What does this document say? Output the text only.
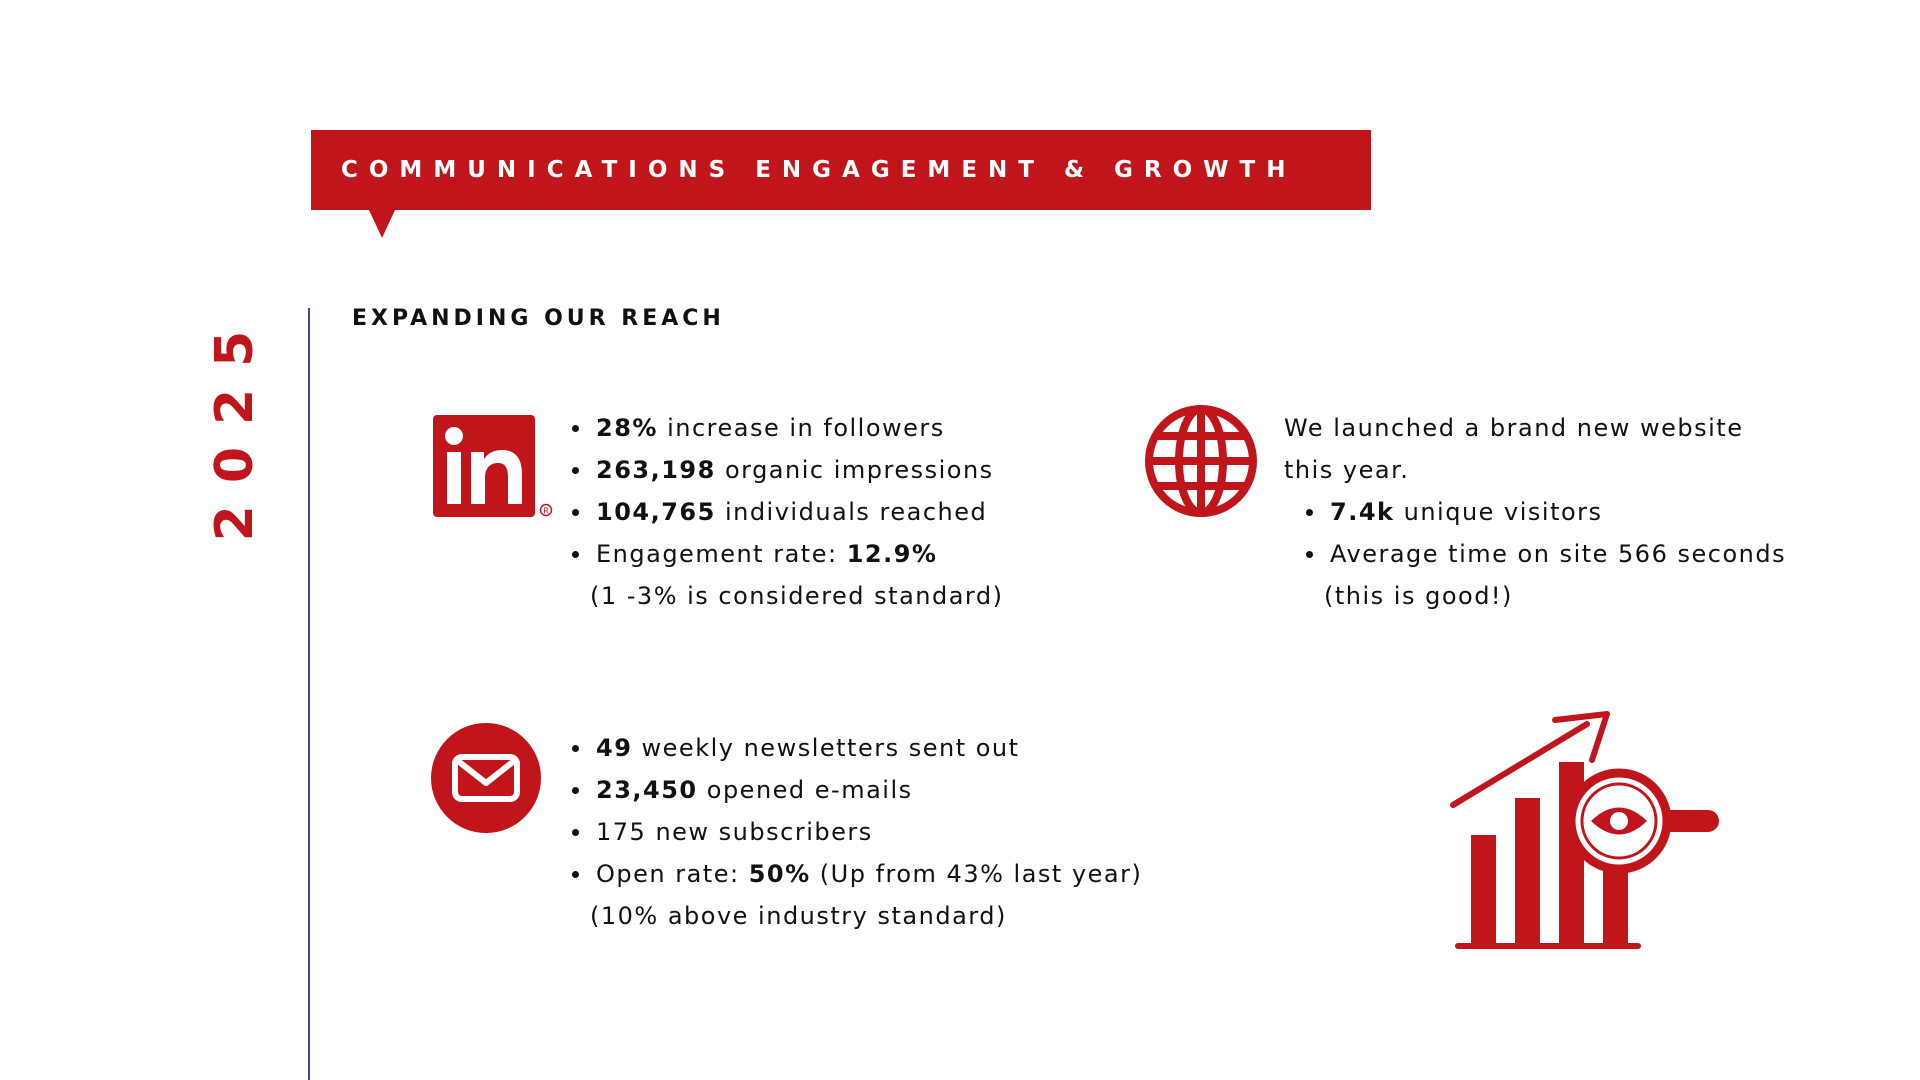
COMMUNICATIONS ENGAGEMENT & GROWTH
2025	EXPANDING OUR REACH
R
28% increase in followers
263,198 organic impressions
104,765 individuals reached
Engagement rate: 12.9%
(1 -3% is considered standard)
We launched a brand new website
this year.
7.4k unique visitors
Average time on site 566 seconds
(this is good!)
49 weekly newsletters sent out
23,450 opened e-mails
175 new subscribers
Open rate: 50% (Up from 43% last year)
(10% above industry standard)
